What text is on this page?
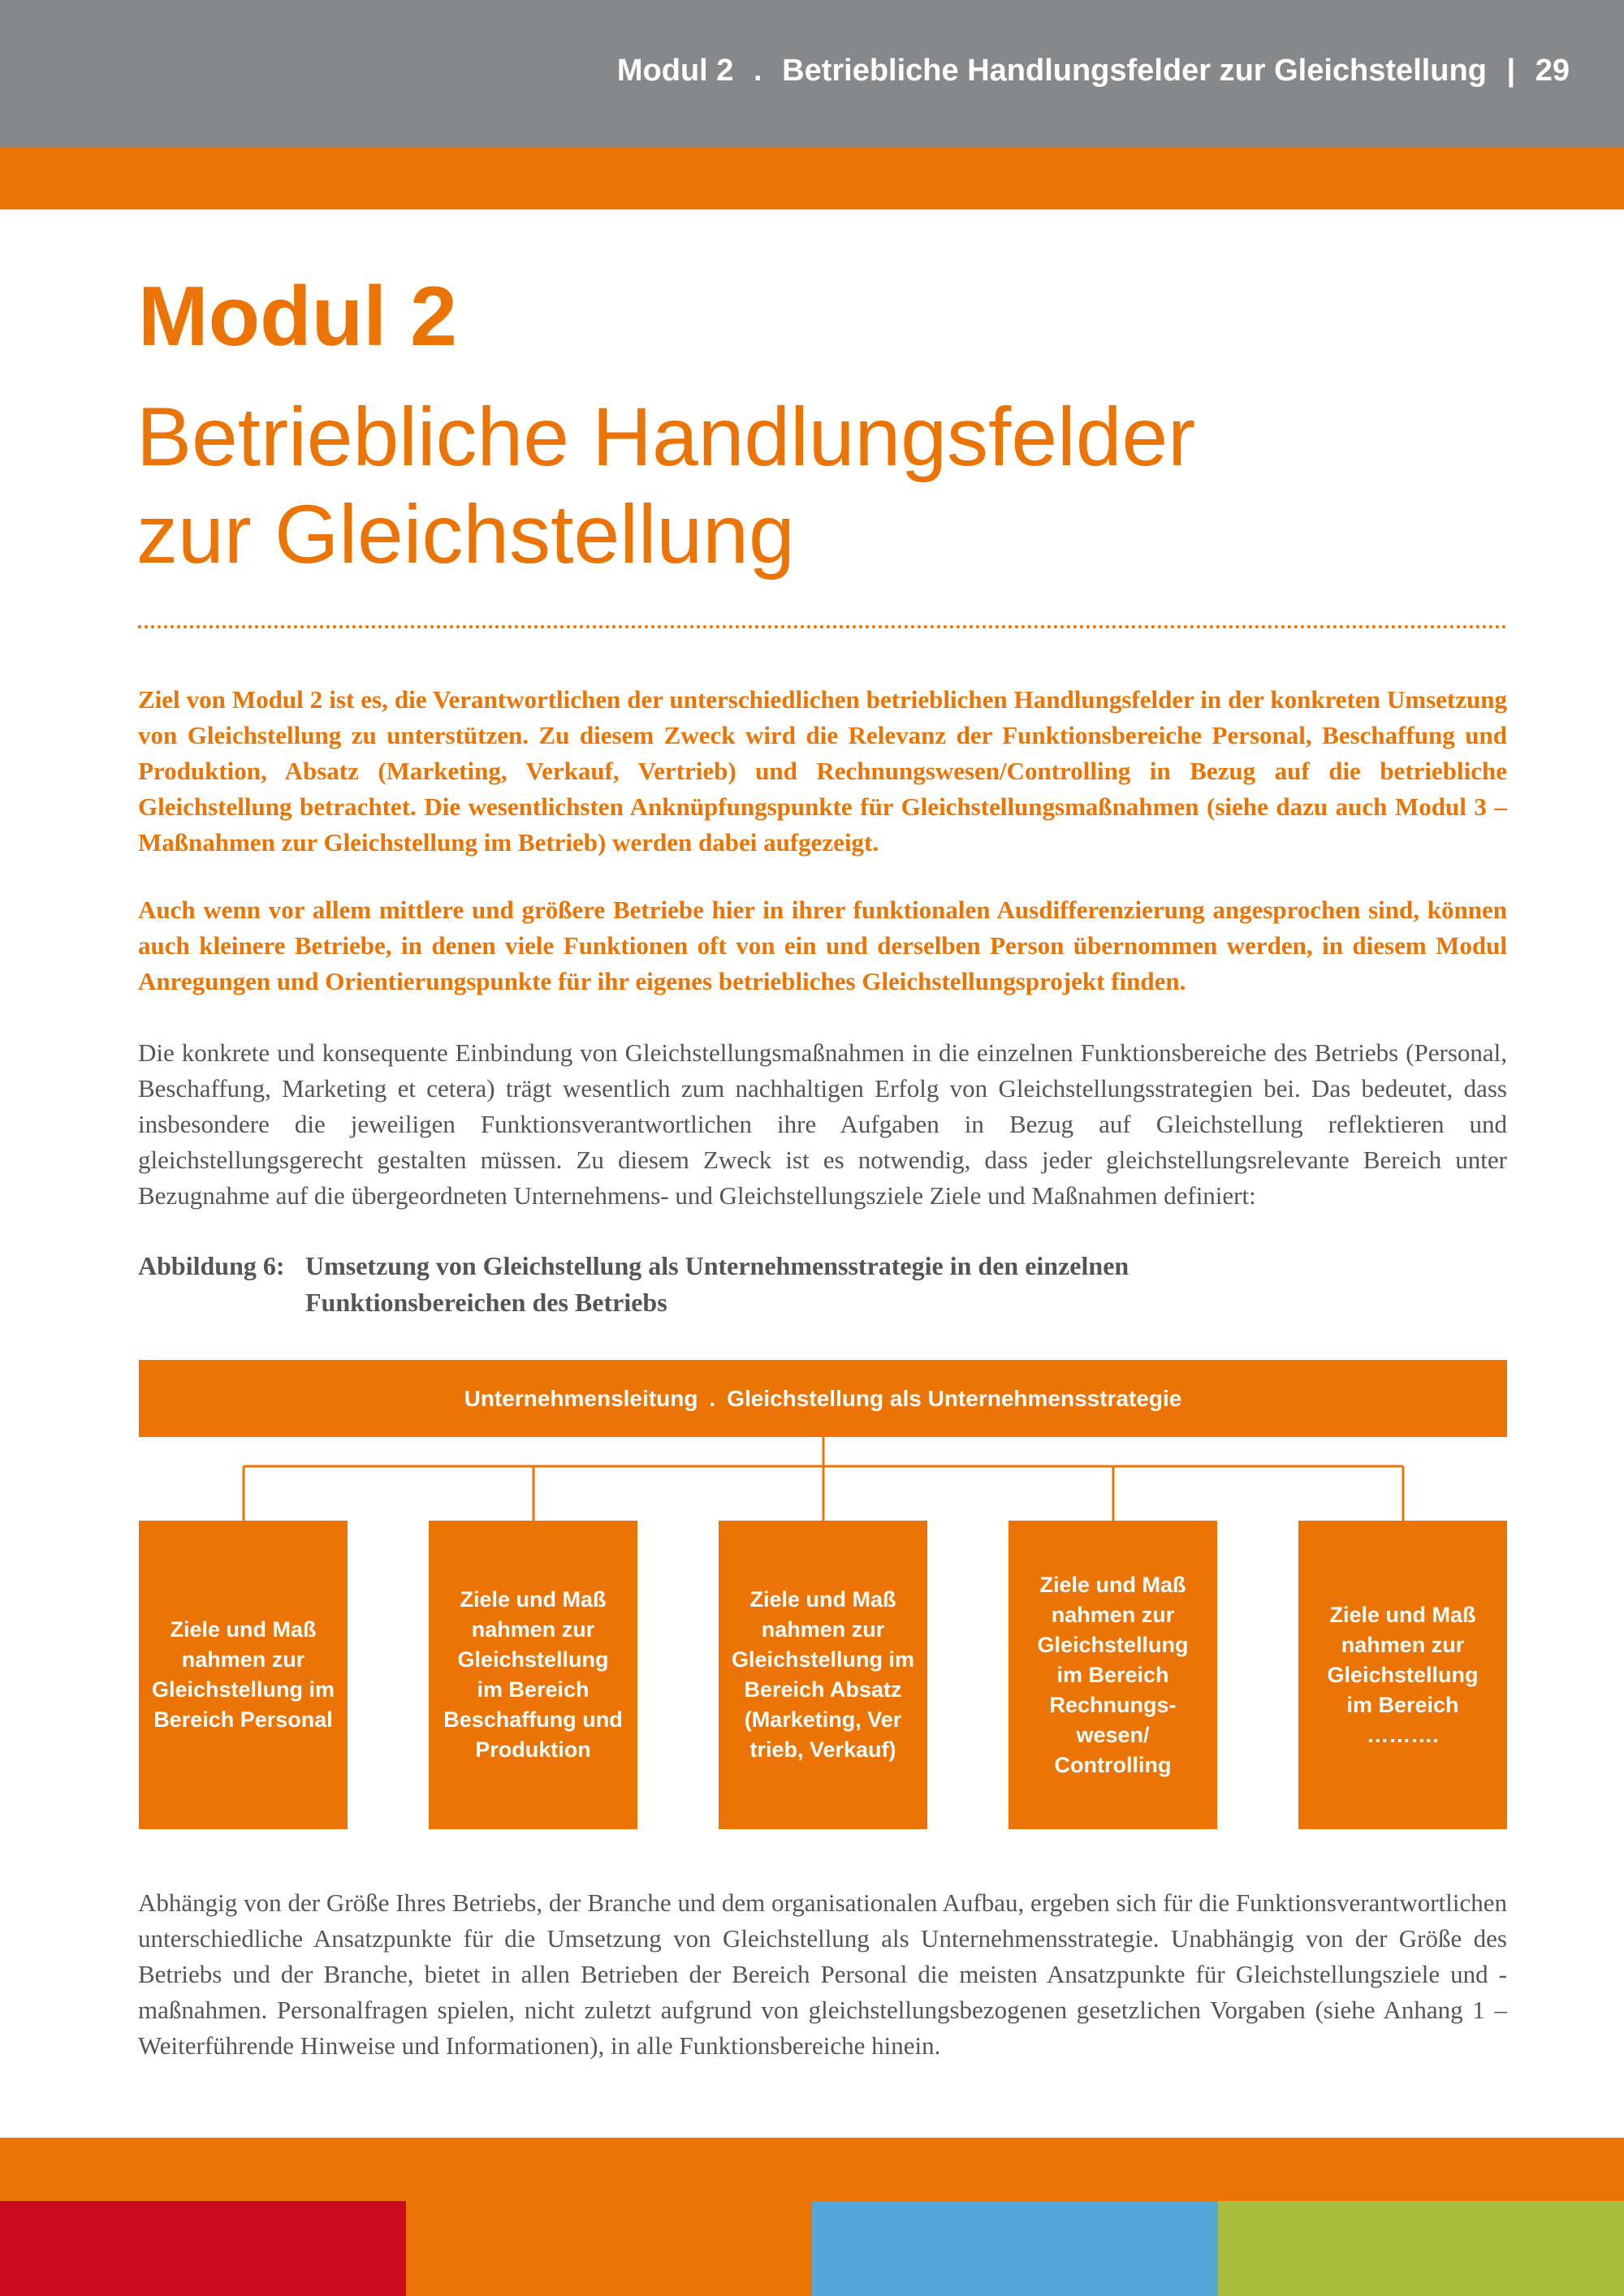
Modul 2 . Betriebliche Handlungsfelder zur Gleichstellung | 29
Modul 2
Betriebliche Handlungsfelder
zur Gleichstellung

Ziel von Modul 2 ist es, die Verantwortlichen der unterschiedlichen betrieblichen Handlungsfelder in der konkreten Umsetzung von Gleichstellung zu unterstützen. Zu diesem Zweck wird die Relevanz der Funktionsbereiche Personal, Beschaffung und Produktion, Absatz (Marketing, Verkauf, Vertrieb) und Rechnungswesen/Controlling in Bezug auf die betriebliche Gleichstellung betrachtet. Die wesentlichsten Anknüpfungspunkte für Gleichstellungsmaßnahmen (siehe dazu auch Modul 3 – Maßnahmen zur Gleichstellung im Betrieb) werden dabei aufgezeigt.

Auch wenn vor allem mittlere und größere Betriebe hier in ihrer funktionalen Ausdifferenzierung angesprochen sind, können auch kleinere Betriebe, in denen viele Funktionen oft von ein und derselben Person übernommen werden, in diesem Modul Anregungen und Orientierungspunkte für ihr eigenes betriebliches Gleichstellungsprojekt finden.

Die konkrete und konsequente Einbindung von Gleichstellungsmaßnahmen in die einzelnen Funktionsbereiche des Betriebs (Personal, Beschaffung, Marketing et cetera) trägt wesentlich zum nachhaltigen Erfolg von Gleichstellungsstrategien bei. Das bedeutet, dass insbesondere die jeweiligen Funktionsverantwortlichen ihre Aufgaben in Bezug auf Gleichstellung reflektieren und gleichstellungsgerecht gestalten müssen. Zu diesem Zweck ist es notwendig, dass jeder gleichstellungsrelevante Bereich unter Bezugnahme auf die übergeordneten Unternehmens- und Gleichstellungsziele Ziele und Maßnahmen definiert:

Abbildung 6: Umsetzung von Gleichstellung als Unternehmensstrategie in den einzelnen
Funktionsbereichen des Betriebs
Unternehmensleitung . Gleichstellung als Unternehmensstrategie
Ziele und Maß
nahmen zur
Gleichstellung im
Bereich Personal
Ziele und Maß
nahmen zur
Gleichstellung
im Bereich
Beschaffung und
Produktion
Ziele und Maß
nahmen zur
Gleichstellung im
Bereich Absatz
(Marketing, Ver
trieb, Verkauf)
Ziele und Maß
nahmen zur
Gleichstellung
im Bereich
Rechnungs-
wesen/
Controlling
Ziele und Maß
nahmen zur
Gleichstellung
im Bereich
……….

Abhängig von der Größe Ihres Betriebs, der Branche und dem organisationalen Aufbau, ergeben sich für die Funktionsverantwortlichen unterschiedliche Ansatzpunkte für die Umsetzung von Gleichstellung als Unternehmensstrategie. Unabhängig von der Größe des Betriebs und der Branche, bietet in allen Betrieben der Bereich Personal die meisten Ansatzpunkte für Gleichstellungsziele und -maßnahmen. Personalfragen spielen, nicht zuletzt aufgrund von gleichstellungsbezogenen gesetzlichen Vorgaben (siehe Anhang 1 – Weiterführende Hinweise und Informationen), in alle Funktionsbereiche hinein.
